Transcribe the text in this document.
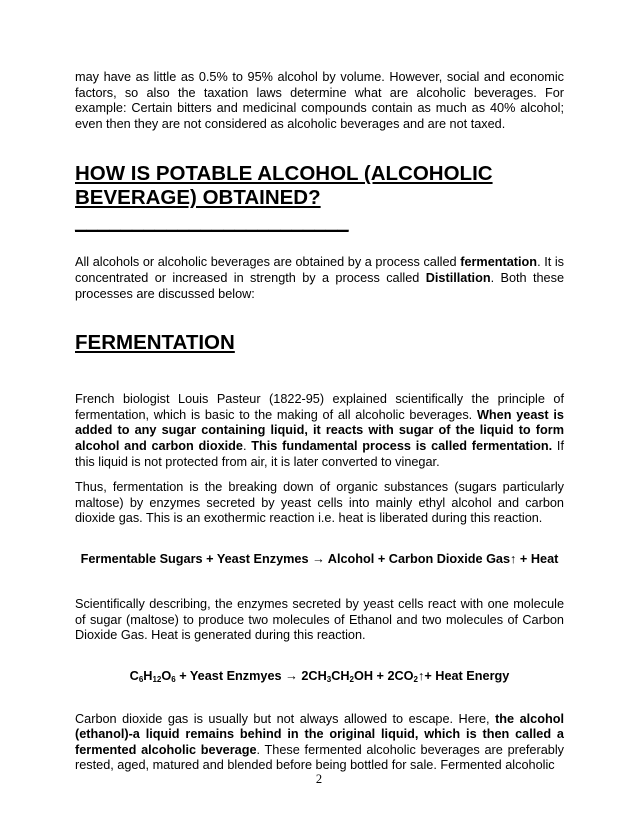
may have as little as 0.5% to 95% alcohol by volume. However, social and economic factors, so also the taxation laws determine what are alcoholic beverages. For example: Certain bitters and medicinal compounds contain as much as 40% alcohol; even then they are not considered as alcoholic beverages and are not taxed.

HOW IS POTABLE ALCOHOL (ALCOHOLIC
BEVERAGE) OBTAINED?________________________

All alcohols or alcoholic beverages are obtained by a process called fermentation. It is concentrated or increased in strength by a process called Distillation. Both these processes are discussed below:

FERMENTATION

French biologist Louis Pasteur (1822-95) explained scientifically the principle of fermentation, which is basic to the making of all alcoholic beverages. When yeast is added to any sugar containing liquid, it reacts with sugar of the liquid to form alcohol and carbon dioxide. This fundamental process is called fermentation. If this liquid is not protected from air, it is later converted to vinegar.

Thus, fermentation is the breaking down of organic substances (sugars particularly maltose) by enzymes secreted by yeast cells into mainly ethyl alcohol and carbon dioxide gas. This is an exothermic reaction i.e. heat is liberated during this reaction.

Fermentable Sugars + Yeast Enzymes → Alcohol + Carbon Dioxide Gas↑ + Heat

Scientifically describing, the enzymes secreted by yeast cells react with one molecule of sugar (maltose) to produce two molecules of Ethanol and two molecules of Carbon Dioxide Gas. Heat is generated during this reaction.

$C_6H_{12}O_6$ + Yeast Enzmyes → $2CH_3CH_2OH$ + $2CO_2↑+$ Heat Energy

Carbon dioxide gas is usually but not always allowed to escape. Here, the alcohol (ethanol)-a liquid remains behind in the original liquid, which is then called a fermented alcoholic beverage. These fermented alcoholic beverages are preferably rested, aged, matured and blended before being bottled for sale. Fermented alcoholic

2
